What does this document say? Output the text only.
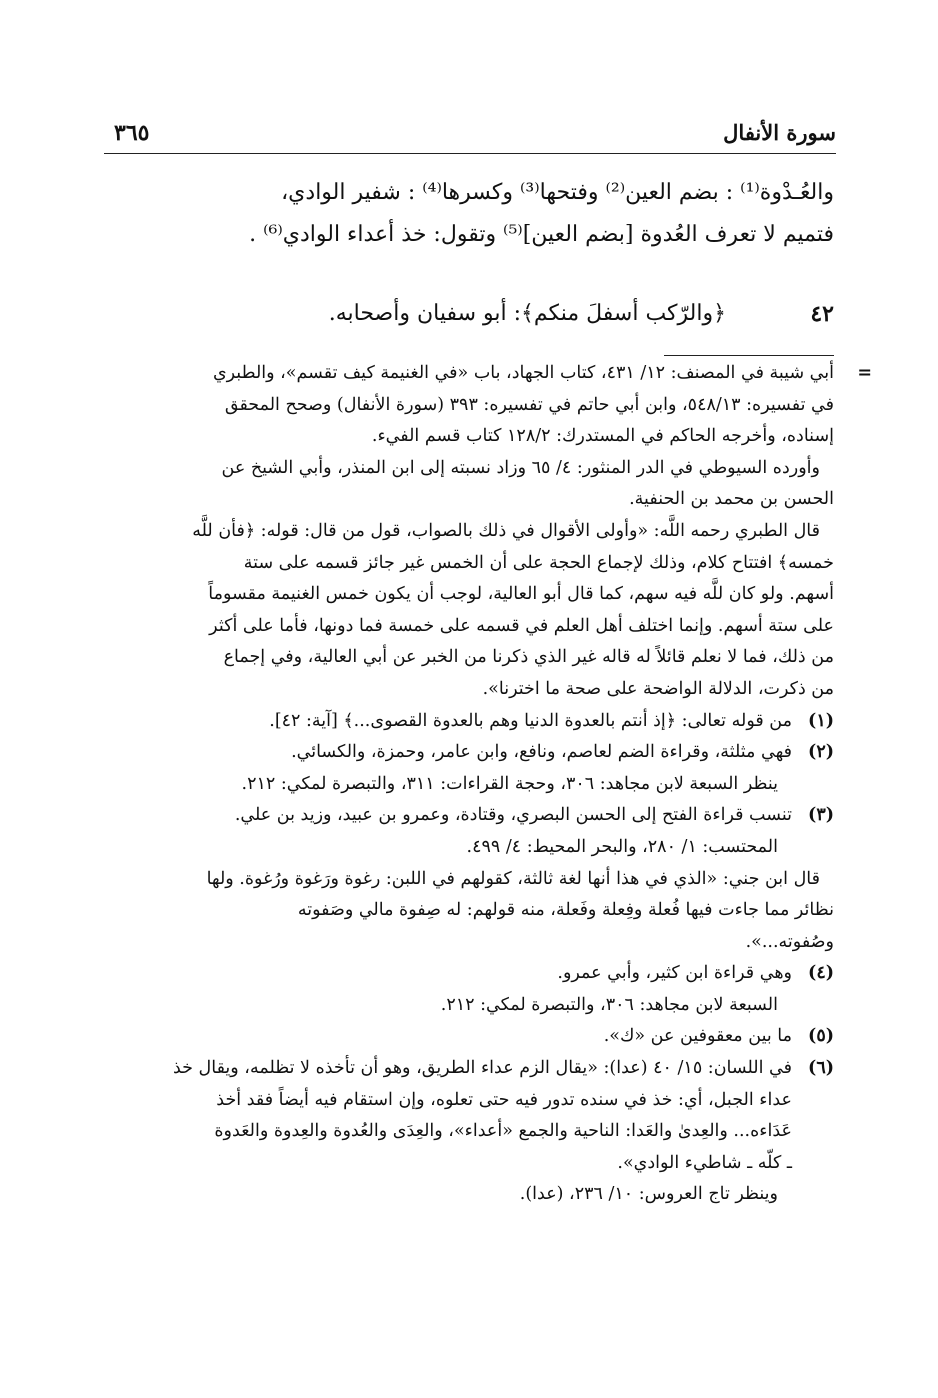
سورة الأنفال
٣٦٥

والعُـدْوة⁽¹⁾ : بضم العين⁽²⁾ وفتحها⁽³⁾ وكسرها⁽⁴⁾ : شفير الوادي،

فتميم لا تعرف العُدوة [بضم العين]⁽⁵⁾ وتقول: خذ أعداء الوادي⁽⁶⁾ .

٤٢
﴿والرّكب أسفلَ منكم﴾: أبو سفيان وأصحابه.
=
أبي شيبة في المصنف: ١٢/ ٤٣١، كتاب الجهاد، باب «في الغنيمة كيف تقسم»، والطبري
في تفسيره: ٥٤٨/١٣، وابن أبي حاتم في تفسيره: ٣٩٣ (سورة الأنفال) وصحح المحقق
إسناده، وأخرجه الحاكم في المستدرك: ١٢٨/٢ كتاب قسم الفيء.
وأورده السيوطي في الدر المنثور: ٤/ ٦٥ وزاد نسبته إلى ابن المنذر، وأبي الشيخ عن
الحسن بن محمد بن الحنفية.
قال الطبري رحمه اللَّه: «وأولى الأقوال في ذلك بالصواب، قول من قال: قوله: ﴿فأن للَّه
خمسه﴾ افتتاح كلام، وذلك لإجماع الحجة على أن الخمس غير جائز قسمه على ستة
أسهم. ولو كان للَّه فيه سهم، كما قال أبو العالية، لوجب أن يكون خمس الغنيمة مقسوماً
على ستة أسهم. وإنما اختلف أهل العلم في قسمه على خمسة فما دونها، فأما على أكثر
من ذلك، فما لا نعلم قائلاً له قاله غير الذي ذكرنا من الخبر عن أبي العالية، وفي إجماع
من ذكرت، الدلالة الواضحة على صحة ما اخترنا».
(١)
من قوله تعالى: ﴿إذ أنتم بالعدوة الدنيا وهم بالعدوة القصوى...﴾ [آية: ٤٢].
(٢)
فهي مثلثة، وقراءة الضم لعاصم، ونافع، وابن عامر، وحمزة، والكسائي.
ينظر السبعة لابن مجاهد: ٣٠٦، وحجة القراءات: ٣١١، والتبصرة لمكي: ٢١٢.
(٣)
تنسب قراءة الفتح إلى الحسن البصري، وقتادة، وعمرو بن عبيد، وزيد بن علي.
المحتسب: ١/ ٢٨٠، والبحر المحيط: ٤/ ٤٩٩.
قال ابن جني: «الذي في هذا أنها لغة ثالثة، كقولهم في اللبن: رغوة ورَغوة ورُغوة. ولها
نظائر مما جاءت فيها فُعلة وفِعلة وفَعلة، منه قولهم: له صِفوة مالي وصَفوته
وصُفوته...».
(٤)
وهي قراءة ابن كثير، وأبي عمرو.
السبعة لابن مجاهد: ٣٠٦، والتبصرة لمكي: ٢١٢.
(٥)
ما بين معقوفين عن «ك».
(٦)
في اللسان: ١٥/ ٤٠ (عدا): «يقال الزم عداء الطريق، وهو أن تأخذه لا تظلمه، ويقال خذ
عداء الجبل، أي: خذ في سنده تدور فيه حتى تعلوه، وإن استقام فيه أيضاً فقد أخذ
عَدَاءه... والعِدىٰ والعَدا: الناحية والجمع «أعداء»، والعِدَى والعُدوة والعِدوة والعَدوة
ـ كلّه ـ شاطيء الوادي».
وينظر تاج العروس: ١٠/ ٢٣٦، (عدا).
